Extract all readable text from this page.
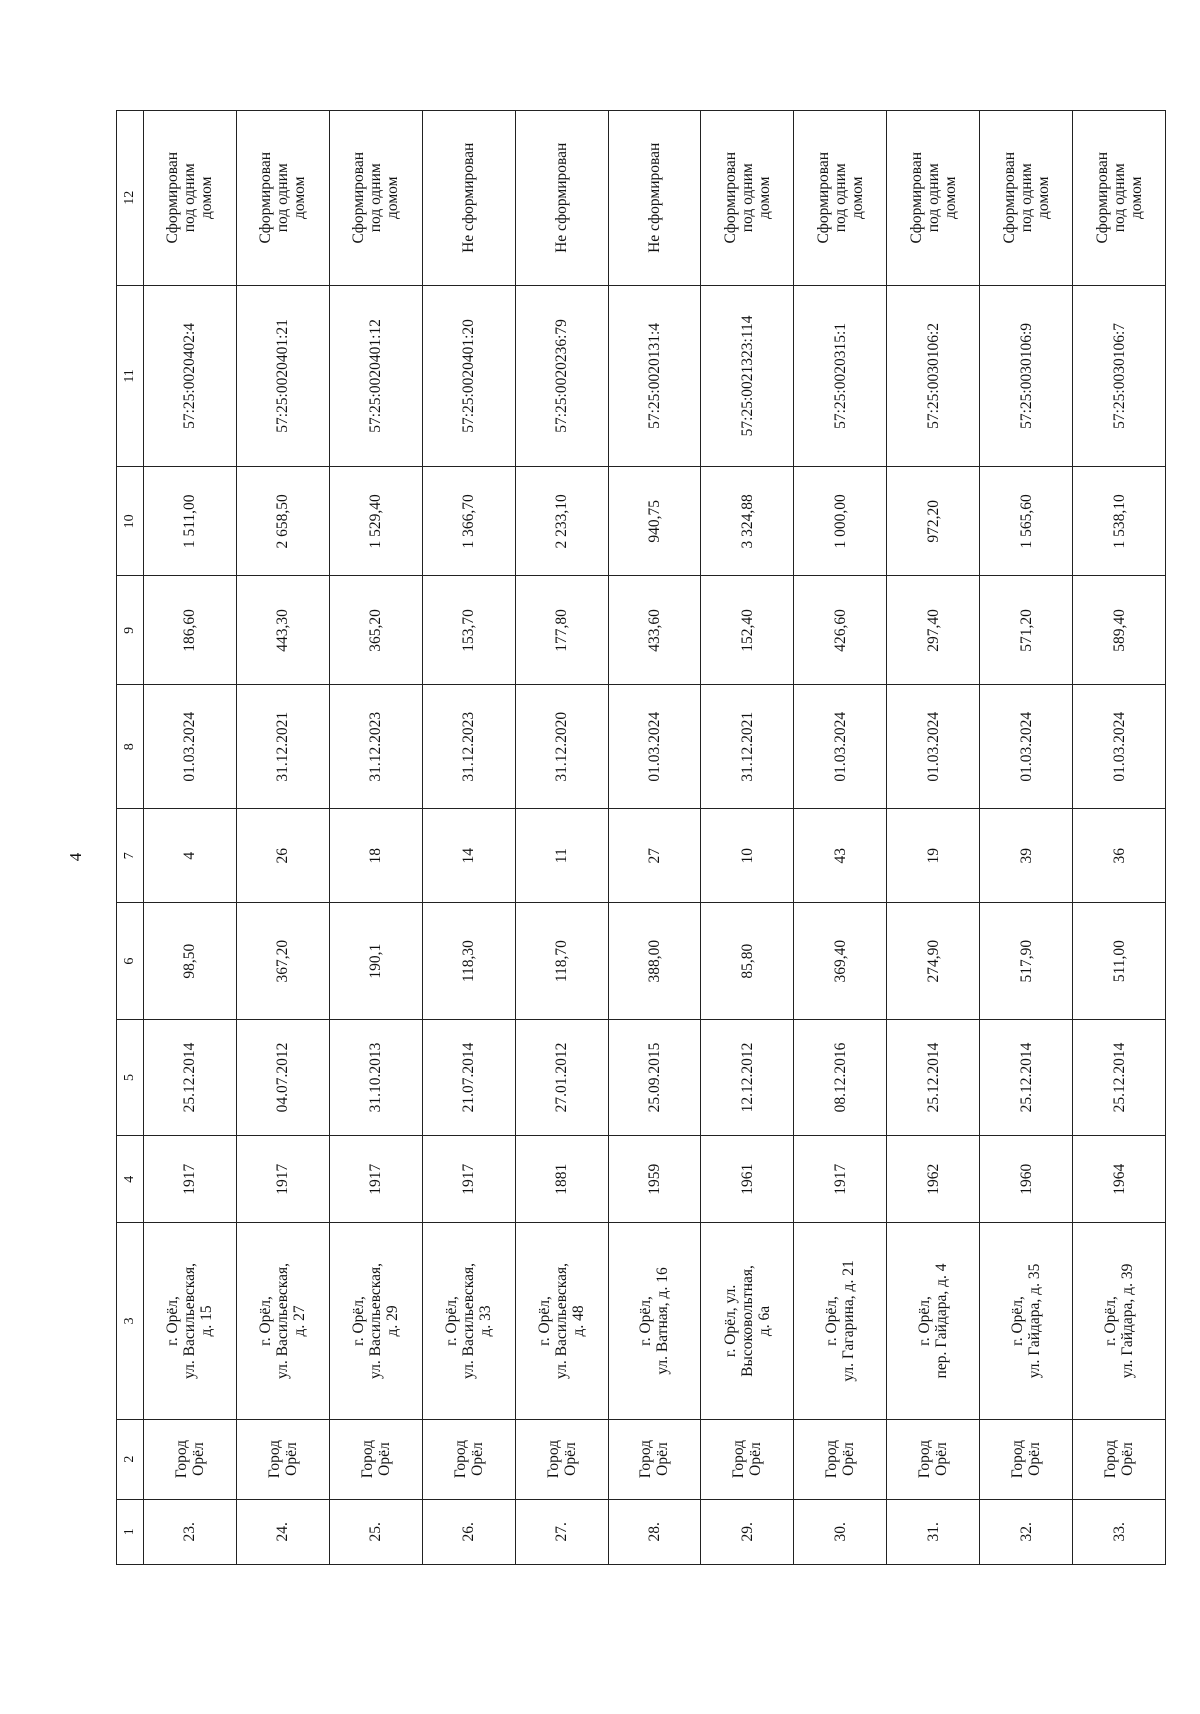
4
1	2	3	4	5	6	7	8	9	10	11	12
23.	Город
Орёл	г. Орёл,
ул. Васильевская,
д. 15	1917	25.12.2014	98,50	4	01.03.2024	186,60	1 511,00	57:25:0020402:4	Сформирован
под одним
домом
24.	Город
Орёл	г. Орёл,
ул. Васильевская,
д. 27	1917	04.07.2012	367,20	26	31.12.2021	443,30	2 658,50	57:25:0020401:21	Сформирован
под одним
домом
25.	Город
Орёл	г. Орёл,
ул. Васильевская,
д. 29	1917	31.10.2013	190,1	18	31.12.2023	365,20	1 529,40	57:25:0020401:12	Сформирован
под одним
домом
26.	Город
Орёл	г. Орёл,
ул. Васильевская,
д. 33	1917	21.07.2014	118,30	14	31.12.2023	153,70	1 366,70	57:25:0020401:20	Не сформирован
27.	Город
Орёл	г. Орёл,
ул. Васильевская,
д. 48	1881	27.01.2012	118,70	11	31.12.2020	177,80	2 233,10	57:25:0020236:79	Не сформирован
28.	Город
Орёл	г. Орёл,
ул. Ватная, д. 16	1959	25.09.2015	388,00	27	01.03.2024	433,60	940,75	57:25:0020131:4	Не сформирован
29.	Город
Орёл	г. Орёл, ул.
Высоковольтная,
д. 6а	1961	12.12.2012	85,80	10	31.12.2021	152,40	3 324,88	57:25:0021323:114	Сформирован
под одним
домом
30.	Город
Орёл	г. Орёл,
ул. Гагарина, д. 21	1917	08.12.2016	369,40	43	01.03.2024	426,60	1 000,00	57:25:0020315:1	Сформирован
под одним
домом
31.	Город
Орёл	г. Орёл,
пер. Гайдара, д. 4	1962	25.12.2014	274,90	19	01.03.2024	297,40	972,20	57:25:0030106:2	Сформирован
под одним
домом
32.	Город
Орёл	г. Орёл,
ул. Гайдара, д. 35	1960	25.12.2014	517,90	39	01.03.2024	571,20	1 565,60	57:25:0030106:9	Сформирован
под одним
домом
33.	Город
Орёл	г. Орёл,
ул. Гайдара, д. 39	1964	25.12.2014	511,00	36	01.03.2024	589,40	1 538,10	57:25:0030106:7	Сформирован
под одним
домом
